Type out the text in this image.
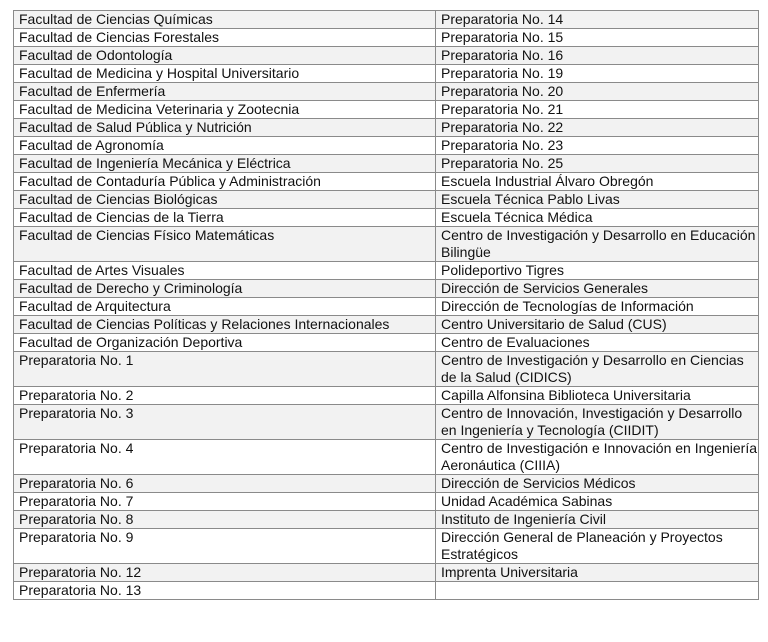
Facultad de Ciencias Químicas	Preparatoria No. 14

Facultad de Ciencias Forestales	Preparatoria No. 15

Facultad de Odontología	Preparatoria No. 16

Facultad de Medicina y Hospital Universitario	Preparatoria No. 19

Facultad de Enfermería	Preparatoria No. 20

Facultad de Medicina Veterinaria y Zootecnia	Preparatoria No. 21

Facultad de Salud Pública y Nutrición	Preparatoria No. 22

Facultad de Agronomía	Preparatoria No. 23

Facultad de Ingeniería Mecánica y Eléctrica	Preparatoria No. 25

Facultad de Contaduría Pública y Administración	Escuela Industrial Álvaro Obregón

Facultad de Ciencias Biológicas	Escuela Técnica Pablo Livas

Facultad de Ciencias de la Tierra	Escuela Técnica Médica

Facultad de Ciencias Físico Matemáticas	Centro de Investigación y Desarrollo en Educación Bilingüe

Facultad de Artes Visuales	Polideportivo Tigres

Facultad de Derecho y Criminología	Dirección de Servicios Generales

Facultad de Arquitectura	Dirección de Tecnologías de Información

Facultad de Ciencias Políticas y Relaciones Internacionales	Centro Universitario de Salud (CUS)

Facultad de Organización Deportiva	Centro de Evaluaciones

Preparatoria No. 1	Centro de Investigación y Desarrollo en Ciencias de la Salud (CIDICS)

Preparatoria No. 2	Capilla Alfonsina Biblioteca Universitaria

Preparatoria No. 3	Centro de Innovación, Investigación y Desarrollo en Ingeniería y Tecnología (CIIDIT)

Preparatoria No. 4	Centro de Investigación e Innovación en Ingeniería Aeronáutica (CIIIA)

Preparatoria No. 6	Dirección de Servicios Médicos

Preparatoria No. 7	Unidad Académica Sabinas

Preparatoria No. 8	Instituto de Ingeniería Civil

Preparatoria No. 9	Dirección General de Planeación y Proyectos Estratégicos

Preparatoria No. 12	Imprenta Universitaria

Preparatoria No. 13	
